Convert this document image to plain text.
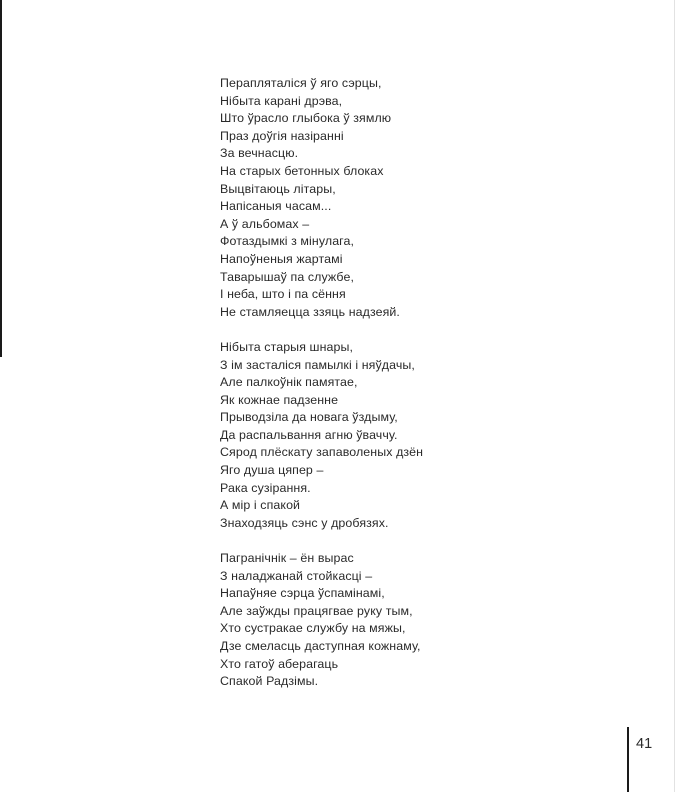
Перапляталіся ў яго сэрцы,
Нібыта карані дрэва,
Што ўрасло глыбока ў зямлю
Праз доўгія назіранні
За вечнасцю.
На старых бетонных блоках
Выцвітаюць літары,
Напісаныя часам...
А ў альбомах –
Фотаздымкі з мінулага,
Напоўненыя жартамі
Таварышаў па службе,
І неба, што і па сёння
Не стамляецца ззяць надзеяй.
Нібыта старыя шнары,
З ім засталіся памылкі і няўдачы,
Але палкоўнік памятае,
Як кожнае падзенне
Прыводзіла да новага ўздыму,
Да распальвання агню ўваччу.
Сярод плёскату запаволеных дзён
Яго душа цяпер –
Рака сузірання.
А мір і спакой
Знаходзяць сэнс у дробязях.
Пагранічнік – ён вырас
З наладжанай стойкасці –
Напаўняе сэрца ўспамінамі,
Але заўжды працягвае руку тым,
Хто сустракае службу на мяжы,
Дзе смеласць даступная кожнаму,
Хто гатоў аберагаць
Спакой Радзімы.
41
